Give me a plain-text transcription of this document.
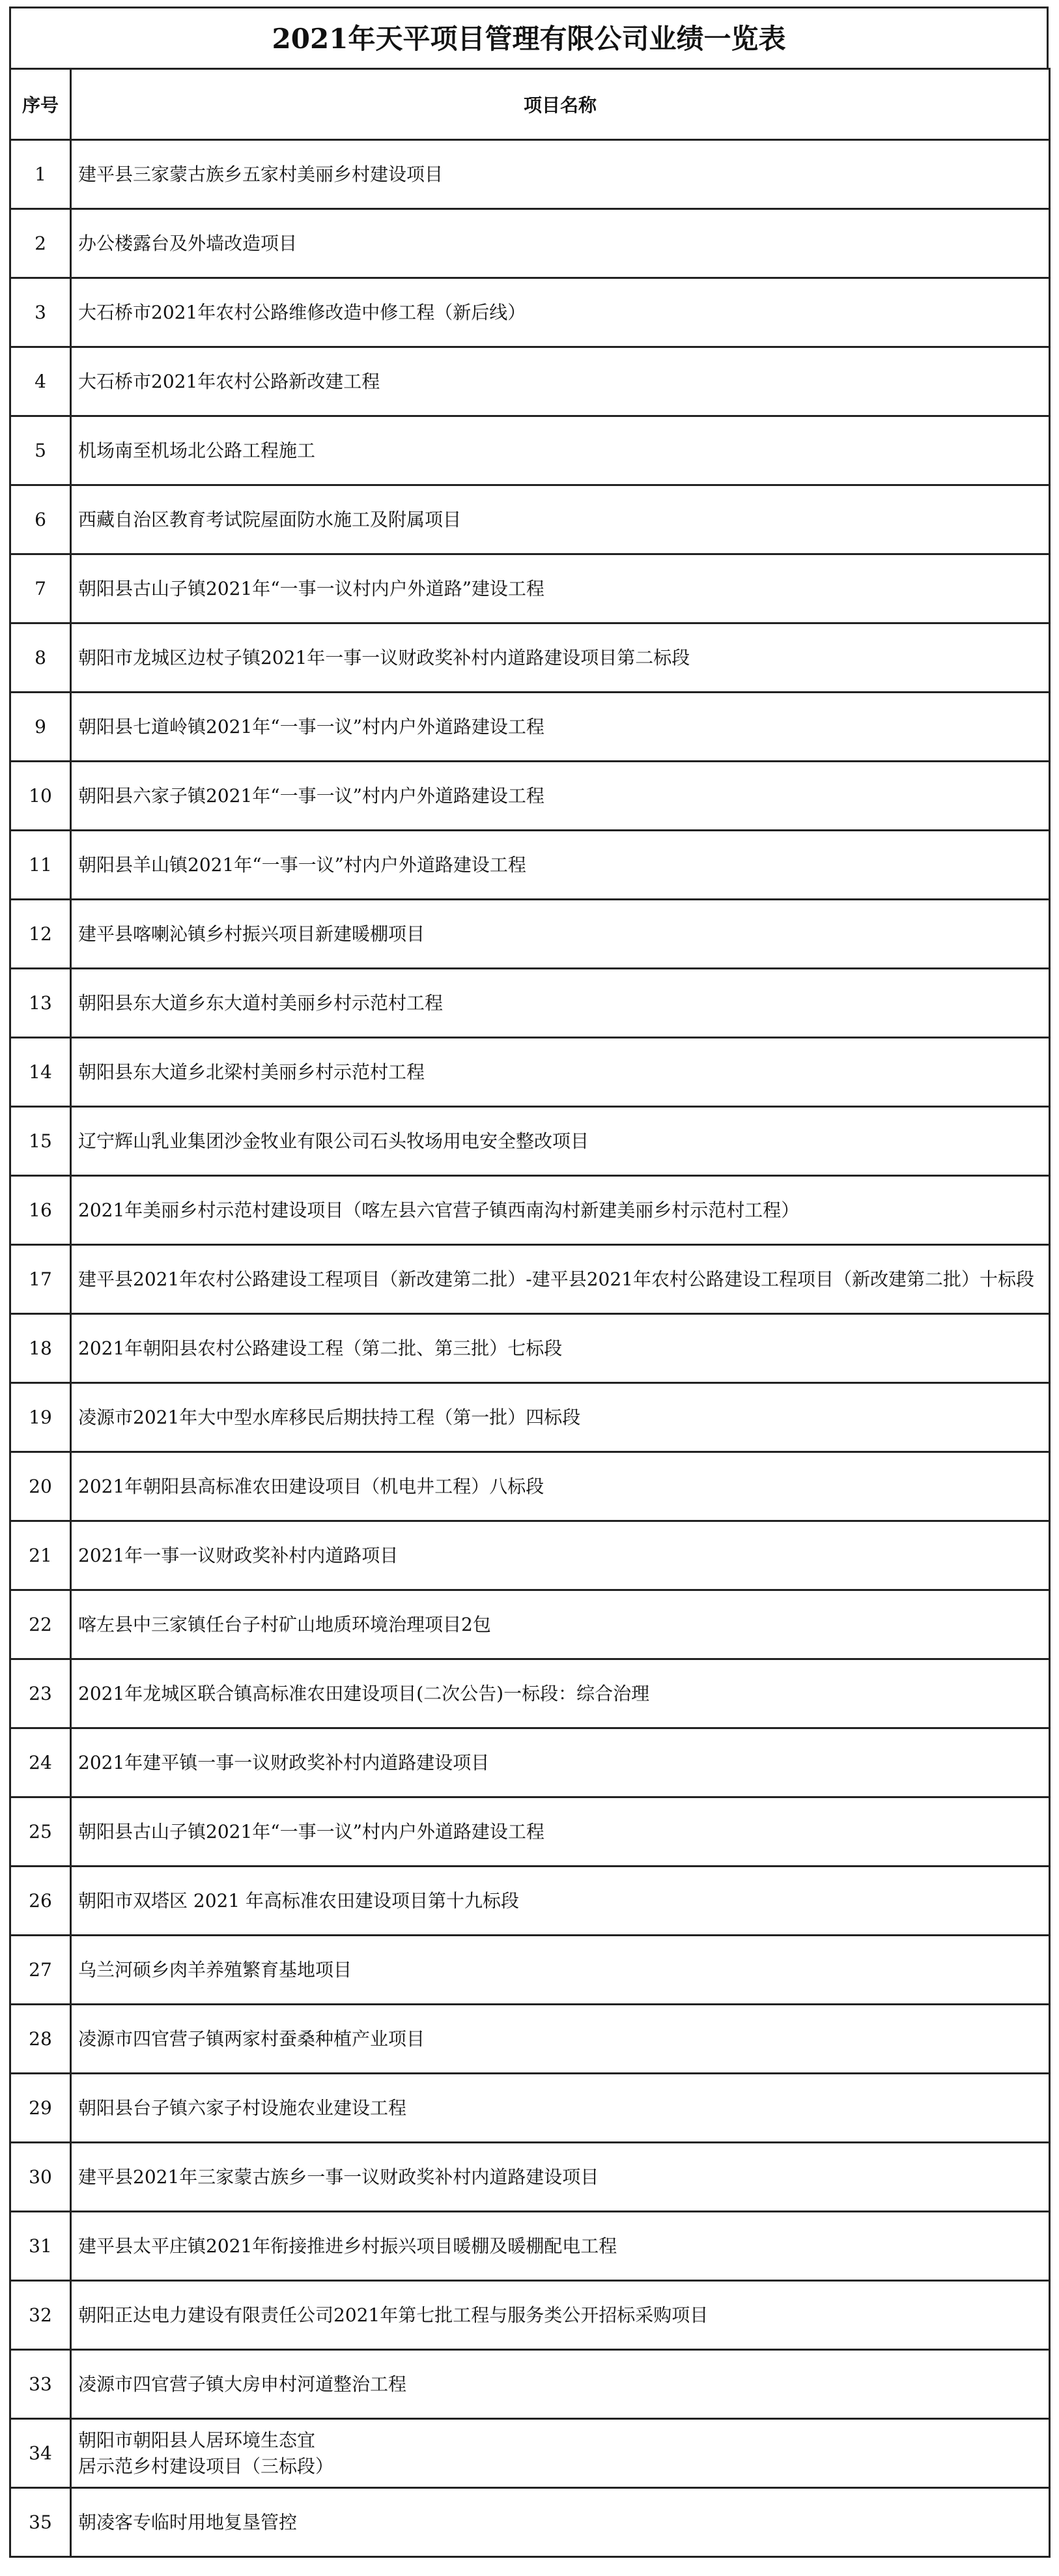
2021年天平项目管理有限公司业绩一览表
序号	项目名称
1	建平县三家蒙古族乡五家村美丽乡村建设项目
2	办公楼露台及外墙改造项目
3	大石桥市2021年农村公路维修改造中修工程（新后线）
4	大石桥市2021年农村公路新改建工程
5	机场南至机场北公路工程施工
6	西藏自治区教育考试院屋面防水施工及附属项目
7	朝阳县古山子镇2021年“一事一议村内户外道路”建设工程
8	朝阳市龙城区边杖子镇2021年一事一议财政奖补村内道路建设项目第二标段
9	朝阳县七道岭镇2021年“一事一议”村内户外道路建设工程
10	朝阳县六家子镇2021年“一事一议”村内户外道路建设工程
11	朝阳县羊山镇2021年“一事一议”村内户外道路建设工程
12	建平县喀喇沁镇乡村振兴项目新建暖棚项目
13	朝阳县东大道乡东大道村美丽乡村示范村工程
14	朝阳县东大道乡北梁村美丽乡村示范村工程
15	辽宁辉山乳业集团沙金牧业有限公司石头牧场用电安全整改项目
16	2021年美丽乡村示范村建设项目（喀左县六官营子镇西南沟村新建美丽乡村示范村工程）
17	建平县2021年农村公路建设工程项目（新改建第二批）-建平县2021年农村公路建设工程项目（新改建第二批）十标段
18	2021年朝阳县农村公路建设工程（第二批、第三批）七标段
19	凌源市2021年大中型水库移民后期扶持工程（第一批）四标段
20	2021年朝阳县高标准农田建设项目（机电井工程）八标段
21	2021年一事一议财政奖补村内道路项目
22	喀左县中三家镇任台子村矿山地质环境治理项目2包
23	2021年龙城区联合镇高标准农田建设项目(二次公告)一标段：综合治理
24	2021年建平镇一事一议财政奖补村内道路建设项目
25	朝阳县古山子镇2021年“一事一议”村内户外道路建设工程
26	朝阳市双塔区 2021 年高标准农田建设项目第十九标段
27	乌兰河硕乡肉羊养殖繁育基地项目
28	凌源市四官营子镇两家村蚕桑种植产业项目
29	朝阳县台子镇六家子村设施农业建设工程
30	建平县2021年三家蒙古族乡一事一议财政奖补村内道路建设项目
31	建平县太平庄镇2021年衔接推进乡村振兴项目暖棚及暖棚配电工程
32	朝阳正达电力建设有限责任公司2021年第七批工程与服务类公开招标采购项目
33	凌源市四官营子镇大房申村河道整治工程
34	朝阳市朝阳县人居环境生态宜
居示范乡村建设项目（三标段）
35	朝凌客专临时用地复垦管控
